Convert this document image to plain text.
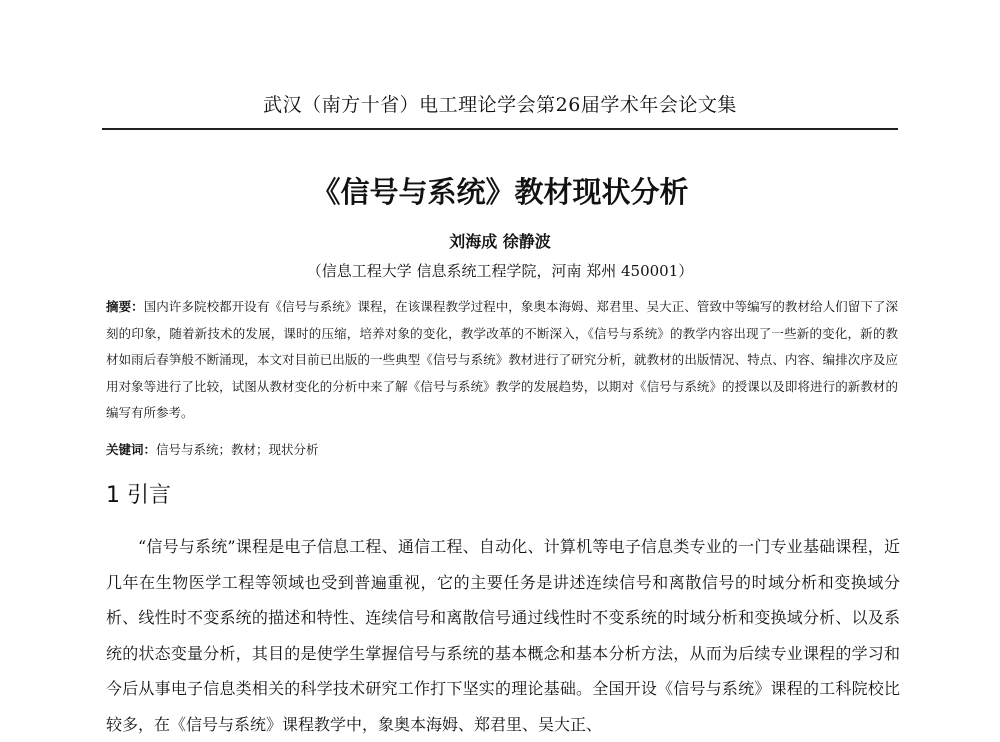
武汉（南方十省）电工理论学会第26届学术年会论文集
《信号与系统》教材现状分析
刘海成 徐静波
（信息工程大学 信息系统工程学院，河南 郑州 450001）
摘要：国内许多院校都开设有《信号与系统》课程，在该课程教学过程中，象奥本海姆、郑君里、吴大正、管致中等编写的教材给人们留下了深刻的印象，随着新技术的发展，课时的压缩，培养对象的变化，教学改革的不断深入，《信号与系统》的教学内容出现了一些新的变化，新的教材如雨后春笋般不断涌现，本文对目前已出版的一些典型《信号与系统》教材进行了研究分析，就教材的出版情况、特点、内容、编排次序及应用对象等进行了比较，试图从教材变化的分析中来了解《信号与系统》教学的发展趋势，以期对《信号与系统》的授课以及即将进行的新教材的编写有所参考。
关键词：信号与系统；教材；现状分析
1 引言
“信号与系统”课程是电子信息工程、通信工程、自动化、计算机等电子信息类专业的一门专业基础课程，近几年在生物医学工程等领域也受到普遍重视，它的主要任务是讲述连续信号和离散信号的时域分析和变换域分析、线性时不变系统的描述和特性、连续信号和离散信号通过线性时不变系统的时域分析和变换域分析、以及系统的状态变量分析，其目的是使学生掌握信号与系统的基本概念和基本分析方法，从而为后续专业课程的学习和今后从事电子信息类相关的科学技术研究工作打下坚实的理论基础。全国开设《信号与系统》课程的工科院校比较多，在《信号与系统》课程教学中，象奥本海姆、郑君里、吴大正、
